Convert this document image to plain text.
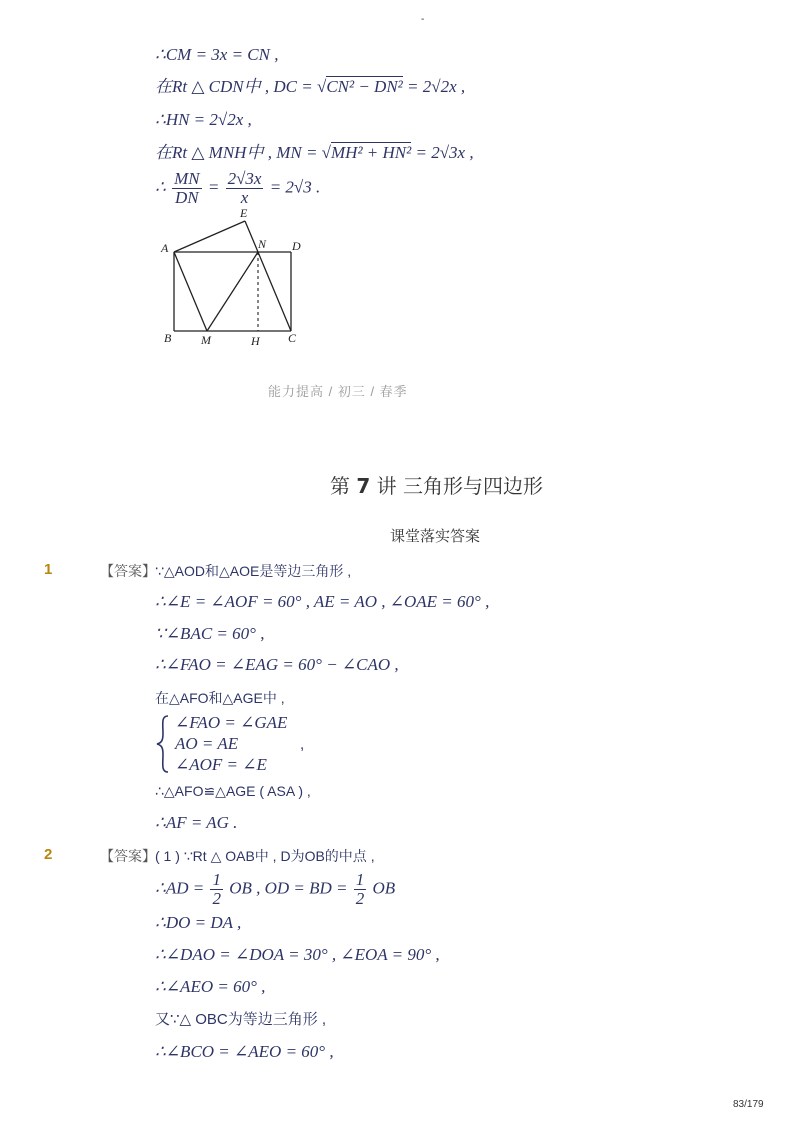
-
∴CM = 3x = CN ,
在Rt △ CDN中 , DC = √CN² − DN² = 2√2x ,
∴HN = 2√2x ,
在Rt △ MNH中 , MN = √MH² + HN² = 2√3x ,
∴ $\frac{MN}{DN} = \frac{2√3x}{x} = 2√3$ .
A
E
N D
B M	H C
能力提高 / 初三 / 春季
第 7 讲 三角形与四边形
课堂落实答案
1	【答案】 ∵△AOD和△AOE是等边三角形 ,
∴∠E = ∠AOF = 60° , AE = AO , ∠OAE = 60° ,
∵∠BAC = 60° ,
∴∠FAO = ∠EAG = 60° − ∠CAO ,
在△AFO和△AGE中 ,
∠FAO = ∠GAE
AO = AE
∠AOF = ∠E
,
∴△AFO≌△AGE ( ASA ) ,
∴AF = AG .
2	【答案】 ( 1 ) ∵Rt △ OAB中 , D为OB的中点 ,
∴AD = $\frac{1}{2}$ OB , OD = BD = $\frac{1}{2}$ OB
∴DO = DA ,
∴∠DAO = ∠DOA = 30° , ∠EOA = 90° ,
∴∠AEO = 60° ,
又∵△ OBC为等边三角形 ,
∴∠BCO = ∠AEO = 60° ,
83/179
